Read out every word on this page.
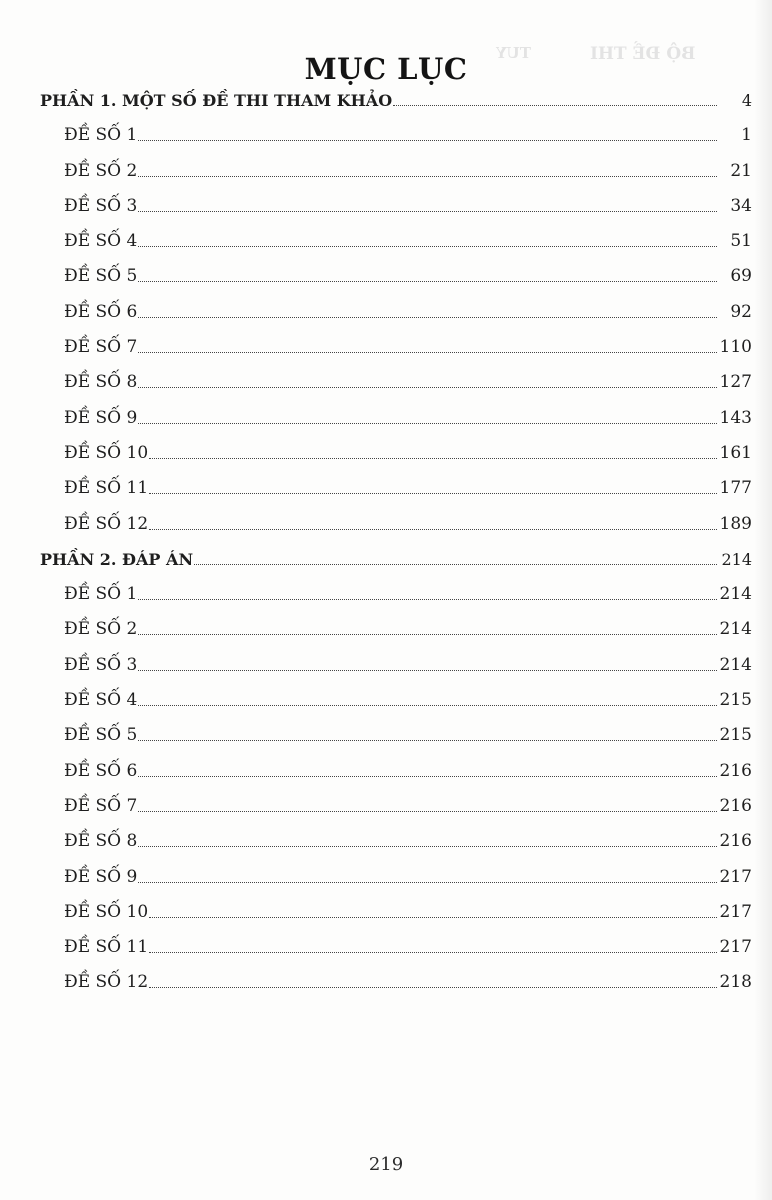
BỘ ĐỀ THI
TUY
MỤC LỤC
PHẦN 1. MỘT SỐ ĐỀ THI THAM KHẢO	4
ĐỀ SỐ 1	1
ĐỀ SỐ 2	21
ĐỀ SỐ 3	34
ĐỀ SỐ 4	51
ĐỀ SỐ 5	69
ĐỀ SỐ 6	92
ĐỀ SỐ 7	110
ĐỀ SỐ 8	127
ĐỀ SỐ 9	143
ĐỀ SỐ 10	161
ĐỀ SỐ 11	177
ĐỀ SỐ 12	189
PHẦN 2. ĐÁP ÁN	214
ĐỀ SỐ 1	214
ĐỀ SỐ 2	214
ĐỀ SỐ 3	214
ĐỀ SỐ 4	215
ĐỀ SỐ 5	215
ĐỀ SỐ 6	216
ĐỀ SỐ 7	216
ĐỀ SỐ 8	216
ĐỀ SỐ 9	217
ĐỀ SỐ 10	217
ĐỀ SỐ 11	217
ĐỀ SỐ 12	218
219
